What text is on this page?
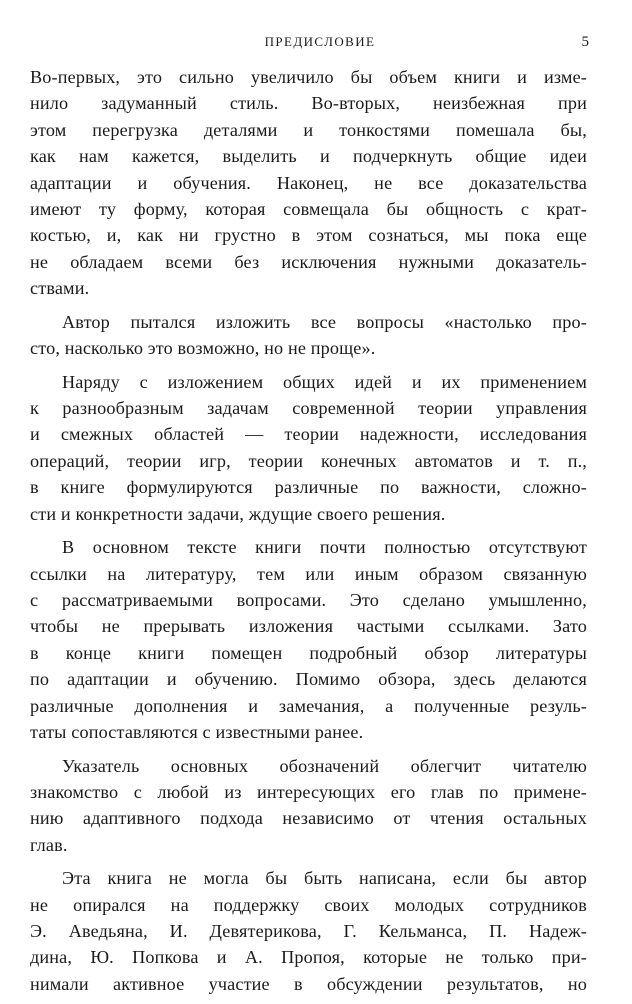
ПРЕДИСЛОВИЕ	5

Во-первых, это сильно увеличило бы объем книги и изме-
нило задуманный стиль. Во-вторых, неизбежная при
этом перегрузка деталями и тонкостями помешала бы,
как нам кажется, выделить и подчеркнуть общие идеи
адаптации и обучения. Наконец, не все доказательства
имеют ту форму, которая совмещала бы общность с крат-
костью, и, как ни грустно в этом сознаться, мы пока еще
не обладаем всеми без исключения нужными доказатель-
ствами.

Автор пытался изложить все вопросы «настолько про-
сто, насколько это возможно, но не проще».

Наряду с изложением общих идей и их применением
к разнообразным задачам современной теории управления
и смежных областей — теории надежности, исследования
операций, теории игр, теории конечных автоматов и т. п.,
в книге формулируются различные по важности, сложно-
сти и конкретности задачи, ждущие своего решения.

В основном тексте книги почти полностью отсутствуют
ссылки на литературу, тем или иным образом связанную
с рассматриваемыми вопросами. Это сделано умышленно,
чтобы не прерывать изложения частыми ссылками. Зато
в конце книги помещен подробный обзор литературы
по адаптации и обучению. Помимо обзора, здесь делаются
различные дополнения и замечания, а полученные резуль-
таты сопоставляются с известными ранее.

Указатель основных обозначений облегчит читателю
знакомство с любой из интересующих его глав по примене-
нию адаптивного подхода независимо от чтения остальных
глав.

Эта книга не могла бы быть написана, если бы автор
не опирался на поддержку своих молодых сотрудников
Э. Аведьяна, И. Девятерикова, Г. Кельманса, П. Надеж-
дина, Ю. Попкова и А. Пропоя, которые не только при-
нимали активное участие в обсуждении результатов, но
